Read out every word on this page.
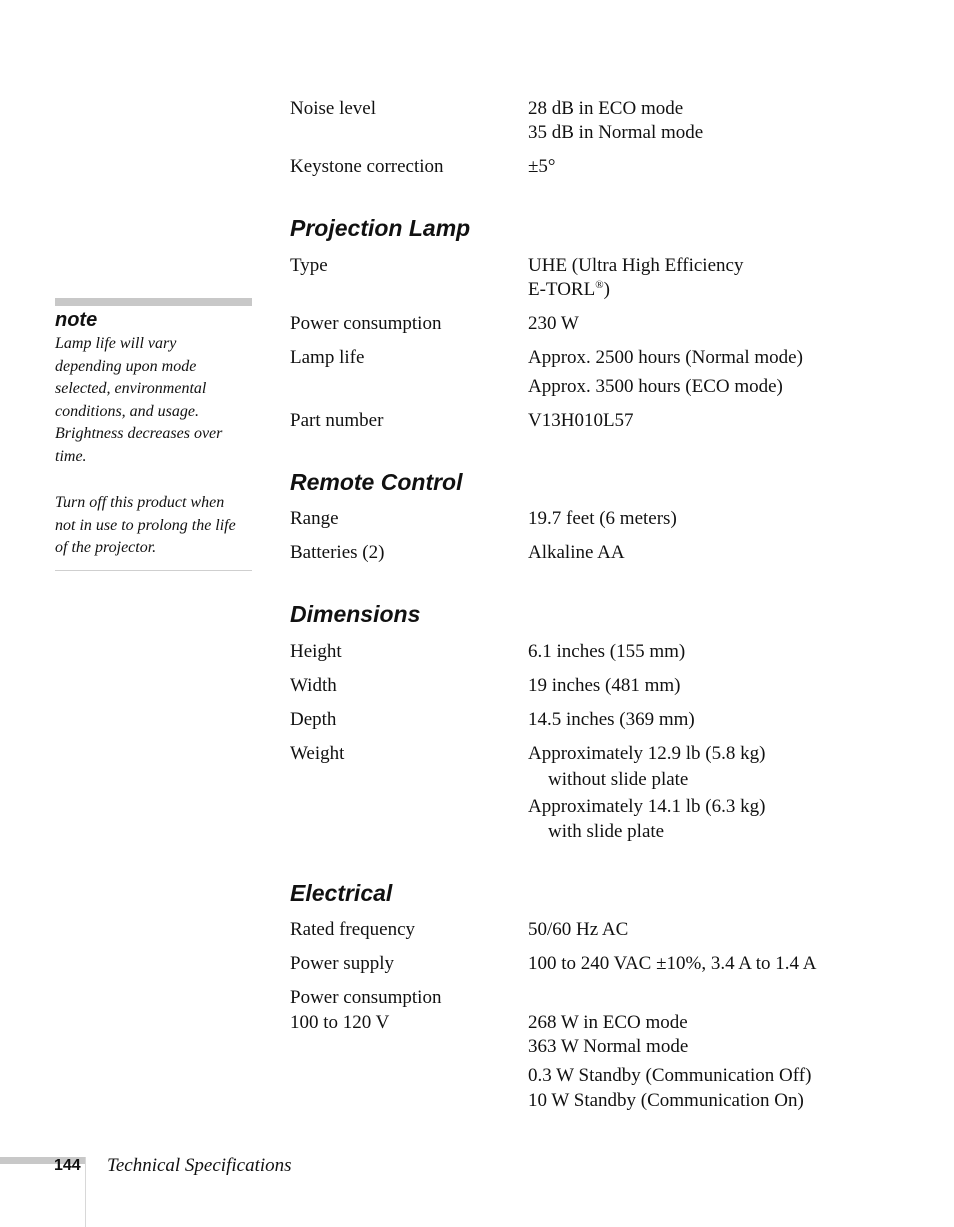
Noise level	28 dB in ECO mode
35 dB in Normal mode
Keystone correction	±5°
Projection Lamp
Type	UHE (Ultra High Efficiency
E-TORL®)
Power consumption	230 W
Lamp life	Approx. 2500 hours (Normal mode)
Approx. 3500 hours (ECO mode)
Part number	V13H010L57
Remote Control
Range	19.7 feet (6 meters)
Batteries (2)	Alkaline AA
Dimensions
Height	6.1 inches (155 mm)
Width	19 inches (481 mm)
Depth	14.5 inches (369 mm)
Weight	Approximately 12.9 lb (5.8 kg)
without slide plate
Approximately 14.1 lb (6.3 kg)
with slide plate
Electrical
Rated frequency	50/60 Hz AC
Power supply	100 to 240 VAC ±10%, 3.4 A to 1.4 A
Power consumption
100 to 120 V	268 W in ECO mode
363 W Normal mode
0.3 W Standby (Communication Off)
10 W Standby (Communication On)
note
Lamp life will vary
depending upon mode
selected, environmental
conditions, and usage.
Brightness decreases over
time.
Turn off this product when
not in use to prolong the life
of the projector.
144 Technical Specifications
